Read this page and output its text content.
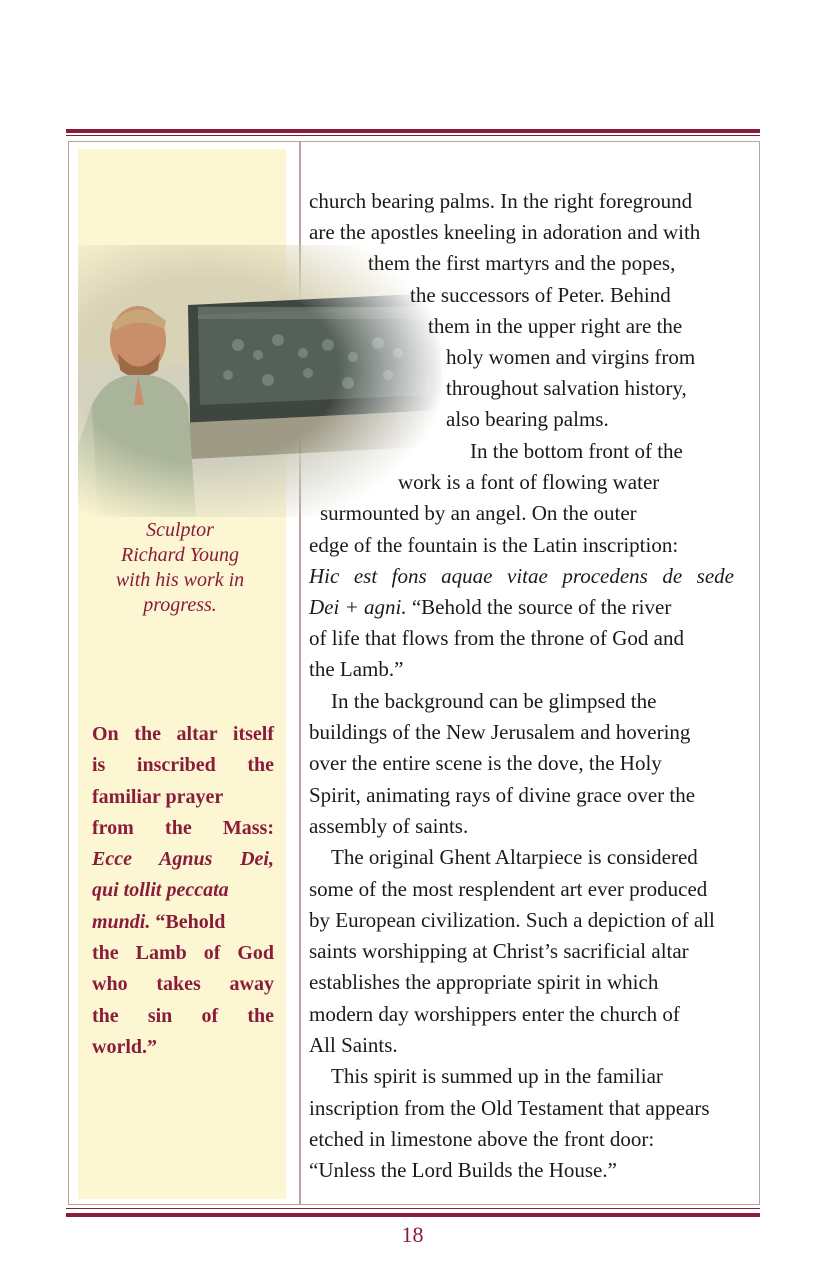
Sculptor
Richard Young
with his work in
progress.
On the altar itself
is inscribed the
familiar prayer
from the Mass:
Ecce Agnus Dei,
qui tollit peccata
mundi. “Behold
the Lamb of God
who takes away
the sin of the
world.”
church bearing palms. In the right foreground
are the apostles kneeling in adoration and with
them the first martyrs and the popes,
the successors of Peter. Behind
them in the upper right are the
holy women and virgins from
throughout salvation history,
also bearing palms.
In the bottom front of the
work is a font of flowing water
surmounted by an angel. On the outer
edge of the fountain is the Latin inscription:
Hic est fons aquae vitae procedens de sede
Dei + agni. “Behold the source of the river
of life that flows from the throne of God and
the Lamb.”
In the background can be glimpsed the
buildings of the New Jerusalem and hovering
over the entire scene is the dove, the Holy
Spirit, animating rays of divine grace over the
assembly of saints.
The original Ghent Altarpiece is considered
some of the most resplendent art ever produced
by European civilization. Such a depiction of all
saints worshipping at Christ’s sacrificial altar
establishes the appropriate spirit in which
modern day worshippers enter the church of
All Saints.
This spirit is summed up in the familiar
inscription from the Old Testament that appears
etched in limestone above the front door:
“Unless the Lord Builds the House.”
18
